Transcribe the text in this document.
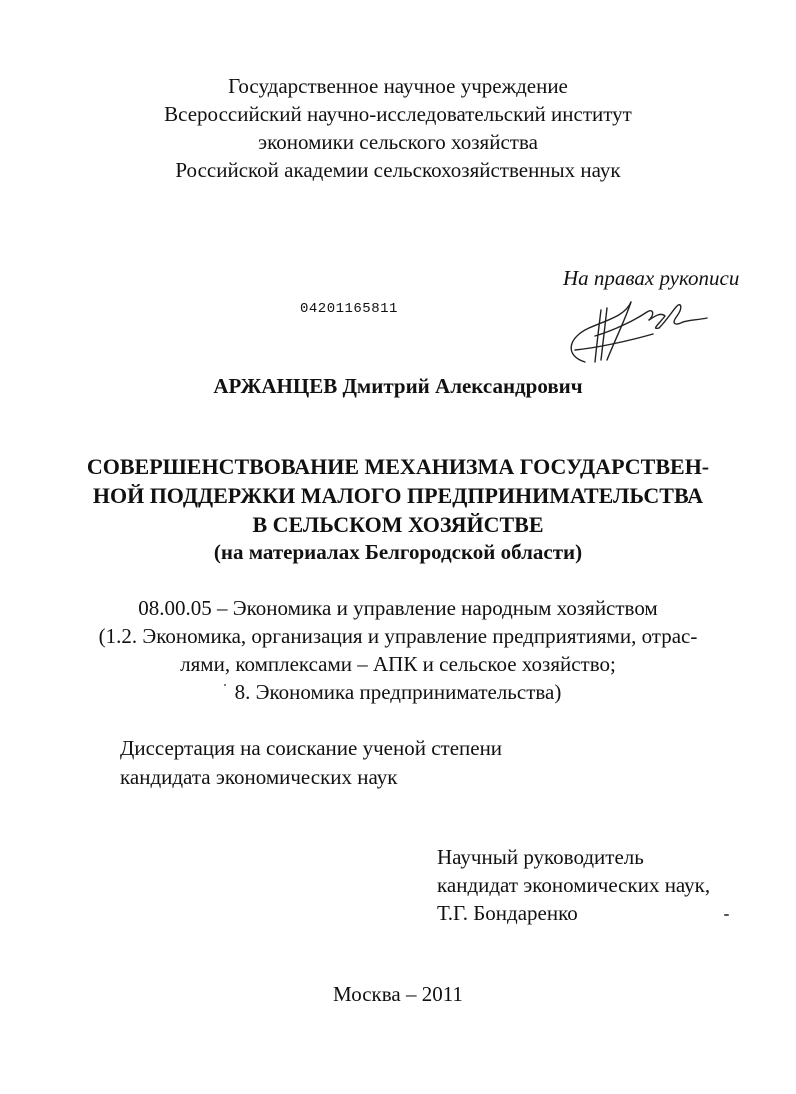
Государственное научное учреждение
Всероссийский научно-исследовательский институт
экономики сельского хозяйства
Российской академии сельскохозяйственных наук
На правах рукописи
04201165811
АРЖАНЦЕВ Дмитрий Александрович
СОВЕРШЕНСТВОВАНИЕ МЕХАНИЗМА ГОСУДАРСТВЕН-
НОЙ ПОДДЕРЖКИ МАЛОГО ПРЕДПРИНИМАТЕЛЬСТВА
В СЕЛЬСКОМ ХОЗЯЙСТВЕ
(на материалах Белгородской области)
08.00.05 – Экономика и управление народным хозяйством
(1.2. Экономика, организация и управление предприятиями, отрас-
лями, комплексами – АПК и сельское хозяйство;
8. Экономика предпринимательства)
Диссертация на соискание ученой степени
кандидата экономических наук
Научный руководитель
кандидат экономических наук,
Т.Г. Бондаренко
Москва – 2011
